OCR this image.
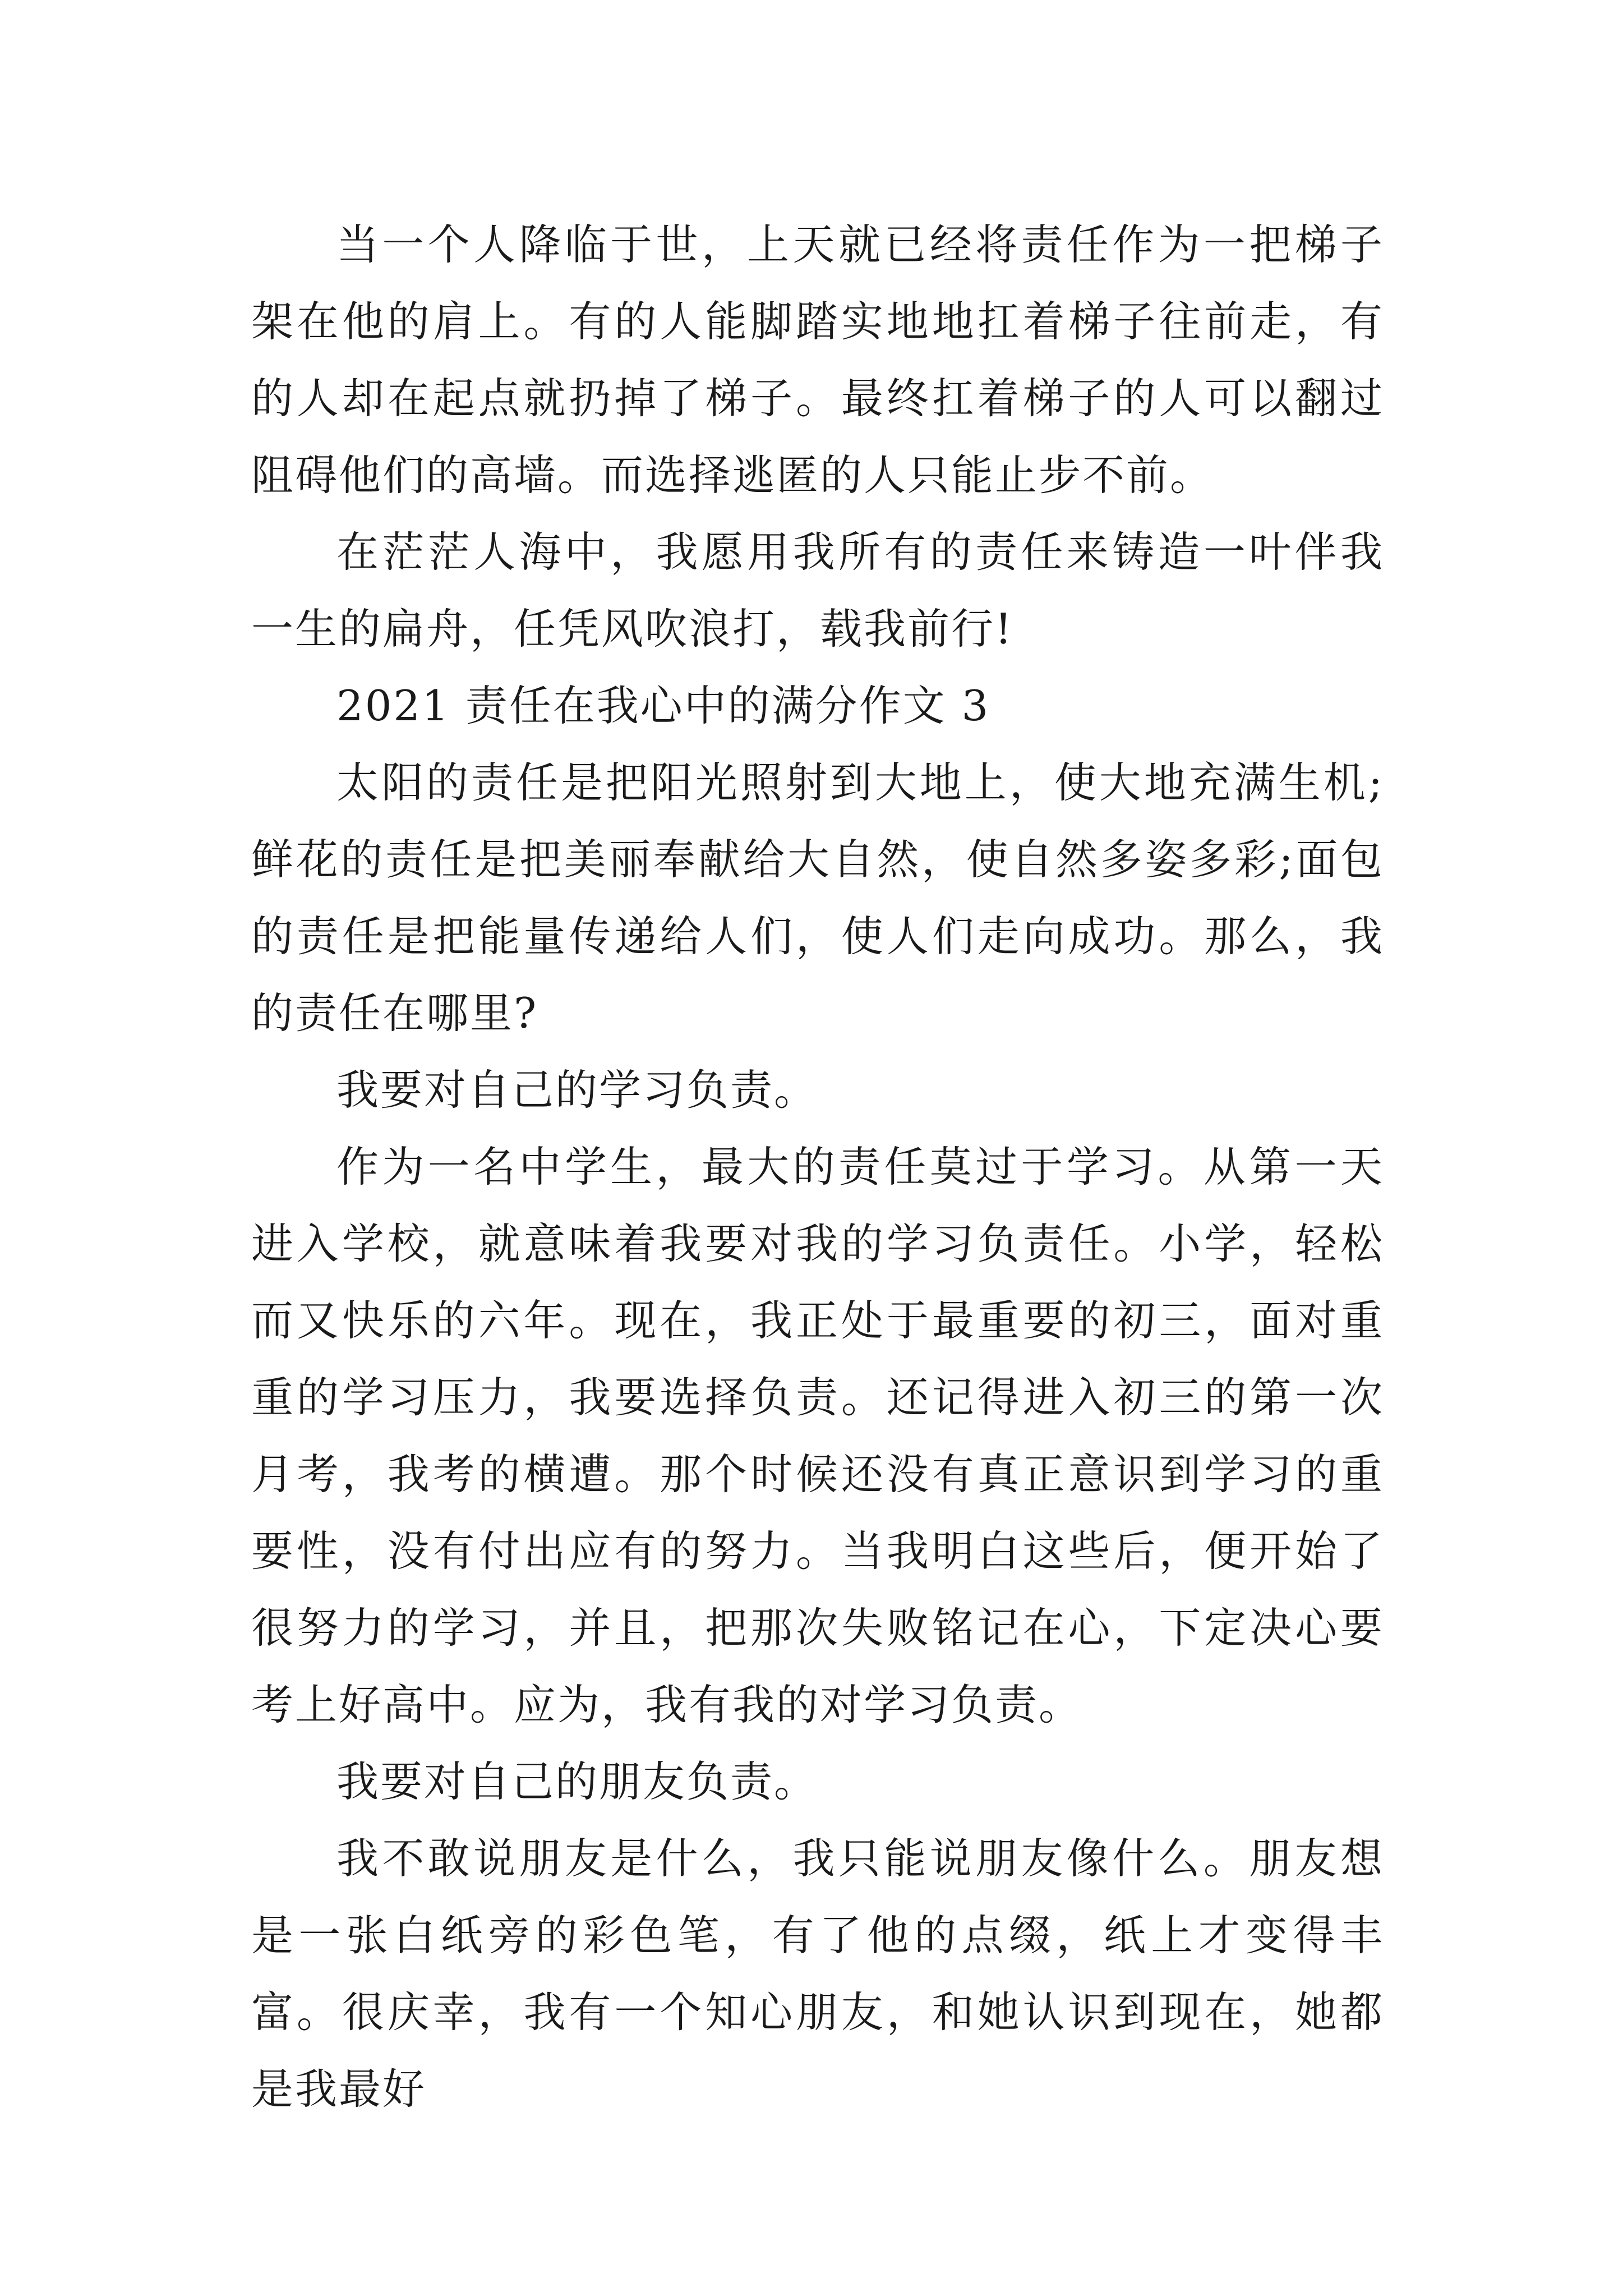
当一个人降临于世，上天就已经将责任作为一把梯子架在他的肩上。有的人能脚踏实地地扛着梯子往前走，有的人却在起点就扔掉了梯子。最终扛着梯子的人可以翻过阻碍他们的高墙。而选择逃匿的人只能止步不前。

在茫茫人海中，我愿用我所有的责任来铸造一叶伴我一生的扁舟，任凭风吹浪打，载我前行!

2021 责任在我心中的满分作文 3

太阳的责任是把阳光照射到大地上，使大地充满生机;鲜花的责任是把美丽奉献给大自然，使自然多姿多彩;面包的责任是把能量传递给人们，使人们走向成功。那么，我的责任在哪里?

我要对自己的学习负责。

作为一名中学生，最大的责任莫过于学习。从第一天进入学校，就意味着我要对我的学习负责任。小学，轻松而又快乐的六年。现在，我正处于最重要的初三，面对重重的学习压力，我要选择负责。还记得进入初三的第一次月考，我考的横遭。那个时候还没有真正意识到学习的重要性，没有付出应有的努力。当我明白这些后，便开始了很努力的学习，并且，把那次失败铭记在心，下定决心要考上好高中。应为，我有我的对学习负责。

我要对自己的朋友负责。

我不敢说朋友是什么，我只能说朋友像什么。朋友想是一张白纸旁的彩色笔，有了他的点缀，纸上才变得丰富。很庆幸，我有一个知心朋友，和她认识到现在，她都是我最好
